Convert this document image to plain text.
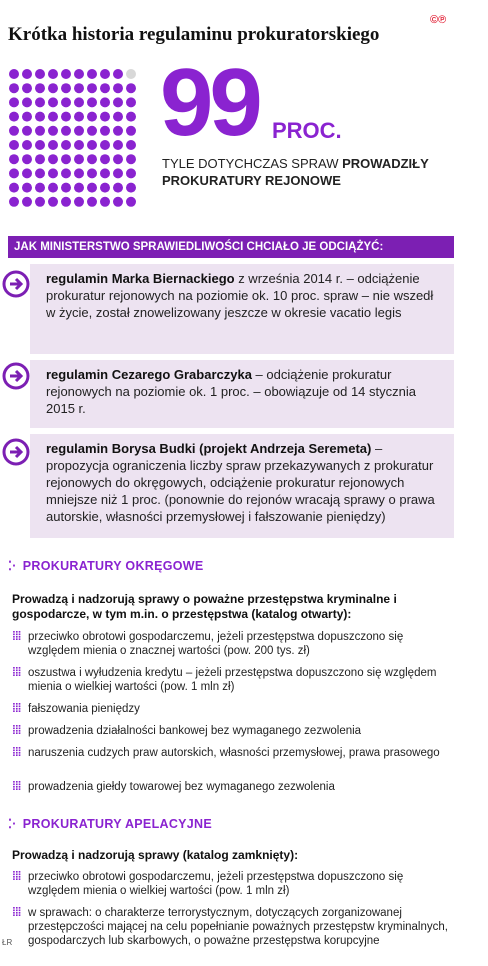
Krótka historia regulaminu prokuratorskiego
©℗
99 PROC.
TYLE DOTYCHCZAS SPRAW PROWADZIŁY PROKURATURY REJONOWE
JAK MINISTERSTWO SPRAWIEDLIWOŚCI CHCIAŁO JE ODCIĄŻYĆ:
regulamin Marka Biernackiego z września 2014 r. – odciążenie prokuratur rejonowych na poziomie ok. 10 proc. spraw – nie wszedł w życie, został znowelizowany jeszcze w okresie vacatio legis
regulamin Cezarego Grabarczyka – odciążenie prokuratur rejonowych na poziomie ok. 1 proc. – obowiązuje od 14 stycznia 2015 r.
regulamin Borysa Budki (projekt Andrzeja Seremeta) – propozycja ograniczenia liczby spraw przekazywanych z prokuratur rejonowych do okręgowych, odciążenie prokuratur rejonowych mniejsze niż 1 proc. (ponownie do rejonów wracają sprawy o prawa autorskie, własności przemysłowej i fałszowanie pieniędzy)
⁚· PROKURATURY OKRĘGOWE
Prowadzą i nadzorują sprawy o poważne przestępstwa kryminalne i gospodarcze, w tym m.in. o przestępstwa (katalog otwarty):
⁞⁞⁞ przeciwko obrotowi gospodarczemu, jeżeli przestępstwa dopuszczono się względem mienia o znacznej wartości (pow. 200 tys. zł)
⁞⁞⁞ oszustwa i wyłudzenia kredytu – jeżeli przestępstwa dopuszczono się względem mienia o wielkiej wartości (pow. 1 mln zł)
⁞⁞⁞ fałszowania pieniędzy
⁞⁞⁞ prowadzenia działalności bankowej bez wymaganego zezwolenia
⁞⁞⁞ naruszenia cudzych praw autorskich, własności przemysłowej, prawa prasowego
⁞⁞⁞ prowadzenia giełdy towarowej bez wymaganego zezwolenia
⁚· PROKURATURY APELACYJNE
Prowadzą i nadzorują sprawy (katalog zamknięty):
⁞⁞⁞ przeciwko obrotowi gospodarczemu, jeżeli przestępstwa dopuszczono się względem mienia o wielkiej wartości (pow. 1 mln zł)
⁞⁞⁞ w sprawach: o charakterze terrorystycznym, dotyczących zorganizowanej przestępczości mającej na celu popełnianie poważnych przestępstw kryminalnych, gospodarczych lub skarbowych, o poważne przestępstwa korupcyjne
ŁR
